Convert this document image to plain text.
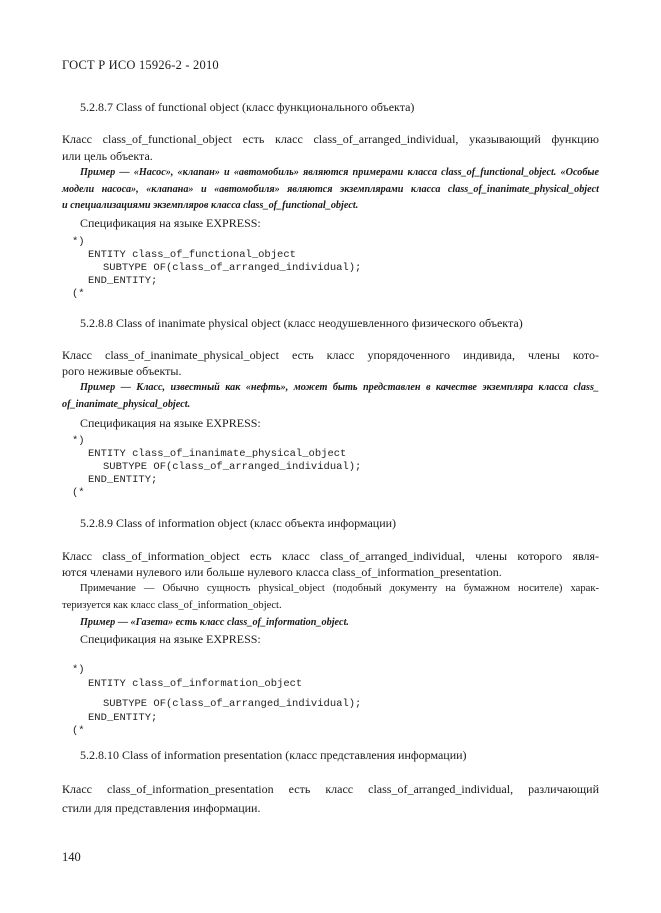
ГОСТ Р ИСО 15926-2 - 2010
5.2.8.7 Class of functional object (класс функционального объекта)
Класс class_of_functional_object есть класс class_of_arranged_individual, указывающий функцию
или цель объекта.
Пример — «Насос», «клапан» и «автомобиль» являются примерами класса class_of_functional_object. «Особые
модели насоса», «клапана» и «автомобиля» являются экземплярами класса class_of_inanimate_physical_object
и специализациями экземпляров класса class_of_functional_object.
Спецификация на языке EXPRESS:
*)
ENTITY class_of_functional_object
SUBTYPE OF(class_of_arranged_individual);
END_ENTITY;
(*
5.2.8.8 Class of inanimate physical object (класс неодушевленного физического объекта)
Класс class_of_inanimate_physical_object есть класс упорядоченного индивида, члены кото-
рого неживые объекты.
Пример — Класс, известный как «нефть», может быть представлен в качестве экземпляра класса class_
of_inanimate_physical_object.
Спецификация на языке EXPRESS:
*)
ENTITY class_of_inanimate_physical_object
SUBTYPE OF(class_of_arranged_individual);
END_ENTITY;
(*
5.2.8.9 Class of information object (класс объекта информации)
Класс class_of_information_object есть класс class_of_arranged_individual, члены которого явля-
ются членами нулевого или больше нулевого класса class_of_information_presentation.
Примечание — Обычно сущность physical_object (подобный документу на бумажном носителе) харак-
теризуется как класс class_of_information_object.
Пример — «Газета» есть класс class_of_information_object.
Спецификация на языке EXPRESS:
*)
ENTITY class_of_information_object
SUBTYPE OF(class_of_arranged_individual);
END_ENTITY;
(*
5.2.8.10 Class of information presentation (класс представления информации)
Класс class_of_information_presentation есть класс class_of_arranged_individual, различающий
стили для представления информации.
140
